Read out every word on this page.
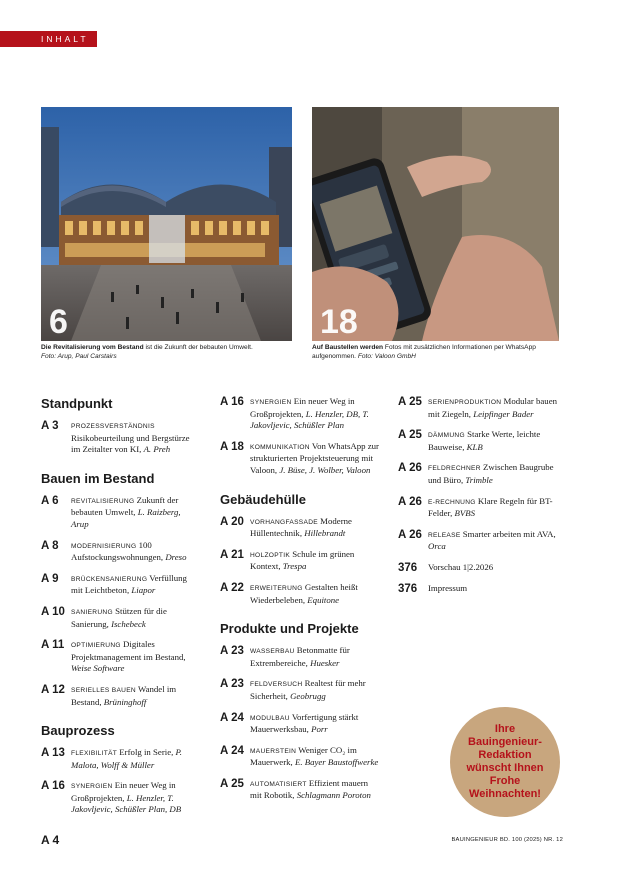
INHALT
6	18
Die Revitalisierung vom Bestand ist die Zukunft der bebauten Umwelt.
Foto: Arup, Paul Carstairs
Auf Baustellen werden Fotos mit zusätzlichen Informationen per WhatsApp aufgenommen. Foto: Valoon GmbH
Standpunkt
A 3 PROZESSVERSTÄNDNIS Risikobeurteilung und Bergstürze im Zeitalter von KI, A. Preh
Bauen im Bestand
A 6 REVITALISIERUNG Zukunft der bebauten Umwelt, L. Raizberg, Arup
A 8 MODERNISIERUNG 100 Aufstockungswohnungen, Dreso
A 9 BRÜCKENSANIERUNG Verfüllung mit Leichtbeton, Liapor
A 10 SANIERUNG Stützen für die Sanierung, Ischebeck
A 11 OPTIMIERUNG Digitales Projektmanagement im Bestand, Weise Software
A 12 SERIELLES BAUEN Wandel im Bestand, Brüninghoff
Bauprozess
A 13 FLEXIBILITÄT Erfolg in Serie, P. Malota, Wolff & Müller
A 16 SYNERGIEN Ein neuer Weg in Großprojekten, L. Henzler, T. Jakovljevic, Schüßler Plan, DB
A 16 SYNERGIEN Ein neuer Weg in Großprojekten, L. Henzler, DB, T. Jakovljevic, Schüßler Plan
A 18 KOMMUNIKATION Von WhatsApp zur strukturierten Projektsteuerung mit Valoon, J. Büse, J. Wolber, Valoon
Gebäudehülle
A 20 VORHANGFASSADE Moderne Hüllentechnik, Hillebrandt
A 21 HOLZOPTIK Schule im grünen Kontext, Trespa
A 22 ERWEITERUNG Gestalten heißt Wiederbeleben, Equitone
Produkte und Projekte
A 23 WASSERBAU Betonmatte für Extrembereiche, Huesker
A 23 FELDVERSUCH Realtest für mehr Sicherheit, Geobrugg
A 24 MODULBAU Vorfertigung stärkt Mauerwerksbau, Porr
A 24 MAUERSTEIN Weniger CO₂ im Mauerwerk, E. Bayer Baustoffwerke
A 25 AUTOMATISIERT Effizient mauern mit Robotik, Schlagmann Poroton
A 25 SERIENPRODUKTION Modular bauen mit Ziegeln, Leipfinger Bader
A 25 DÄMMUNG Starke Werte, leichte Bauweise, KLB
A 26 FELDRECHNER Zwischen Baugrube und Büro, Trimble
A 26 E-RECHNUNG Klare Regeln für BT-Felder, BVBS
A 26 RELEASE Smarter arbeiten mit AVA, Orca
376 Vorschau 1|2.2026
376 Impressum
Ihre Bauingenieur-Redaktion wünscht Ihnen Frohe Weihnachten!
A 4	BAUINGENIEUR BD. 100 (2025) NR. 12
